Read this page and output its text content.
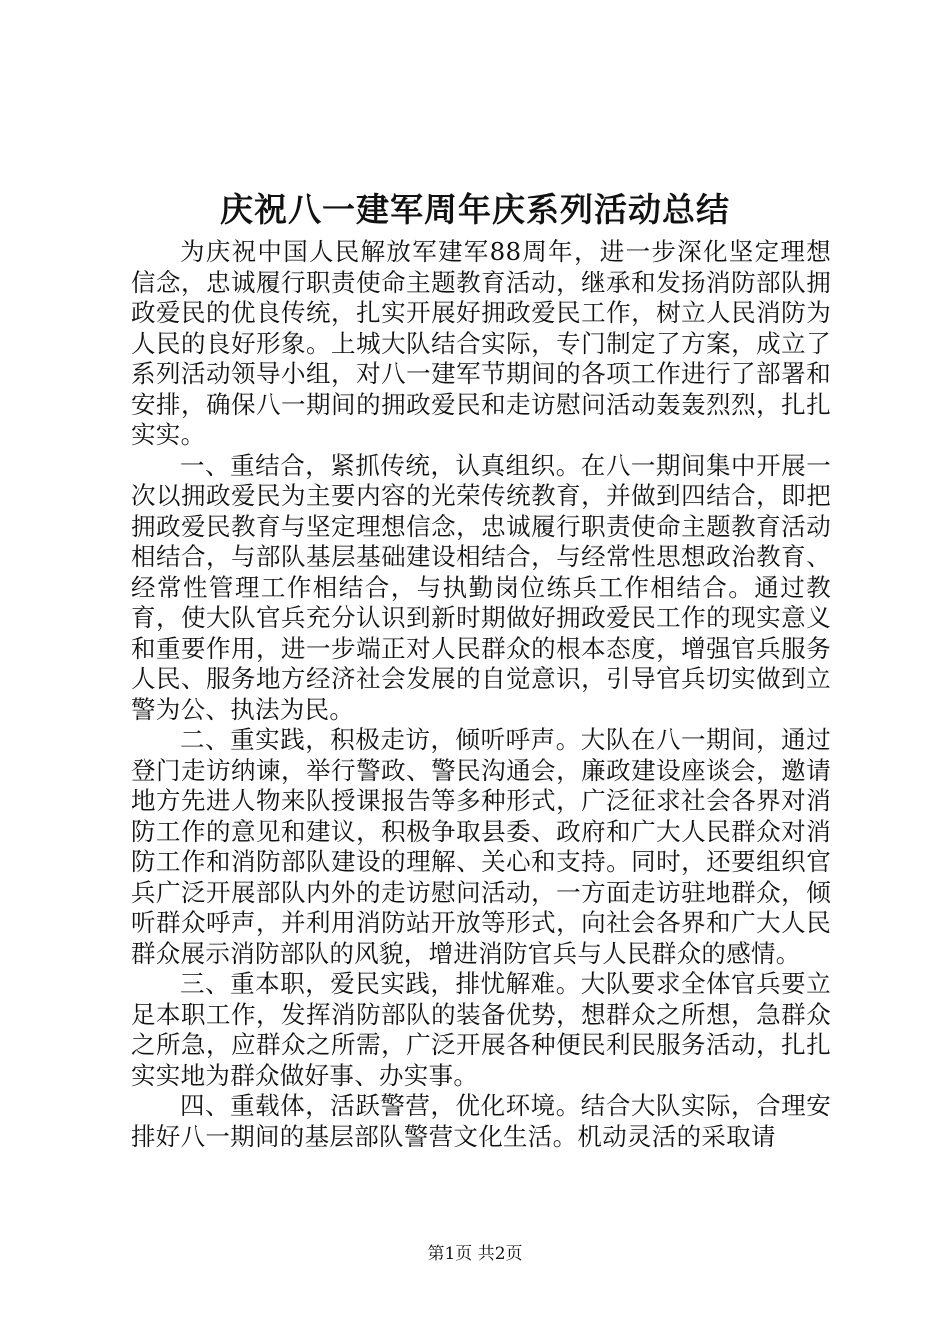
庆祝八一建军周年庆系列活动总结

为庆祝中国人民解放军建军88周年，进一步深化坚定理想信念，忠诚履行职责使命主题教育活动，继承和发扬消防部队拥政爱民的优良传统，扎实开展好拥政爱民工作，树立人民消防为人民的良好形象。上城大队结合实际，专门制定了方案，成立了系列活动领导小组，对八一建军节期间的各项工作进行了部署和安排，确保八一期间的拥政爱民和走访慰问活动轰轰烈烈，扎扎实实。

一、重结合，紧抓传统，认真组织。在八一期间集中开展一次以拥政爱民为主要内容的光荣传统教育，并做到四结合，即把拥政爱民教育与坚定理想信念，忠诚履行职责使命主题教育活动相结合，与部队基层基础建设相结合，与经常性思想政治教育、经常性管理工作相结合，与执勤岗位练兵工作相结合。通过教育，使大队官兵充分认识到新时期做好拥政爱民工作的现实意义和重要作用，进一步端正对人民群众的根本态度，增强官兵服务人民、服务地方经济社会发展的自觉意识，引导官兵切实做到立警为公、执法为民。

二、重实践，积极走访，倾听呼声。大队在八一期间，通过登门走访纳谏，举行警政、警民沟通会，廉政建设座谈会，邀请地方先进人物来队授课报告等多种形式，广泛征求社会各界对消防工作的意见和建议，积极争取县委、政府和广大人民群众对消防工作和消防部队建设的理解、关心和支持。同时，还要组织官兵广泛开展部队内外的走访慰问活动，一方面走访驻地群众，倾听群众呼声，并利用消防站开放等形式，向社会各界和广大人民群众展示消防部队的风貌，增进消防官兵与人民群众的感情。

三、重本职，爱民实践，排忧解难。大队要求全体官兵要立足本职工作，发挥消防部队的装备优势，想群众之所想，急群众之所急，应群众之所需，广泛开展各种便民利民服务活动，扎扎实实地为群众做好事、办实事。

四、重载体，活跃警营，优化环境。结合大队实际，合理安排好八一期间的基层部队警营文化生活。机动灵活的采取请

第1页 共2页
